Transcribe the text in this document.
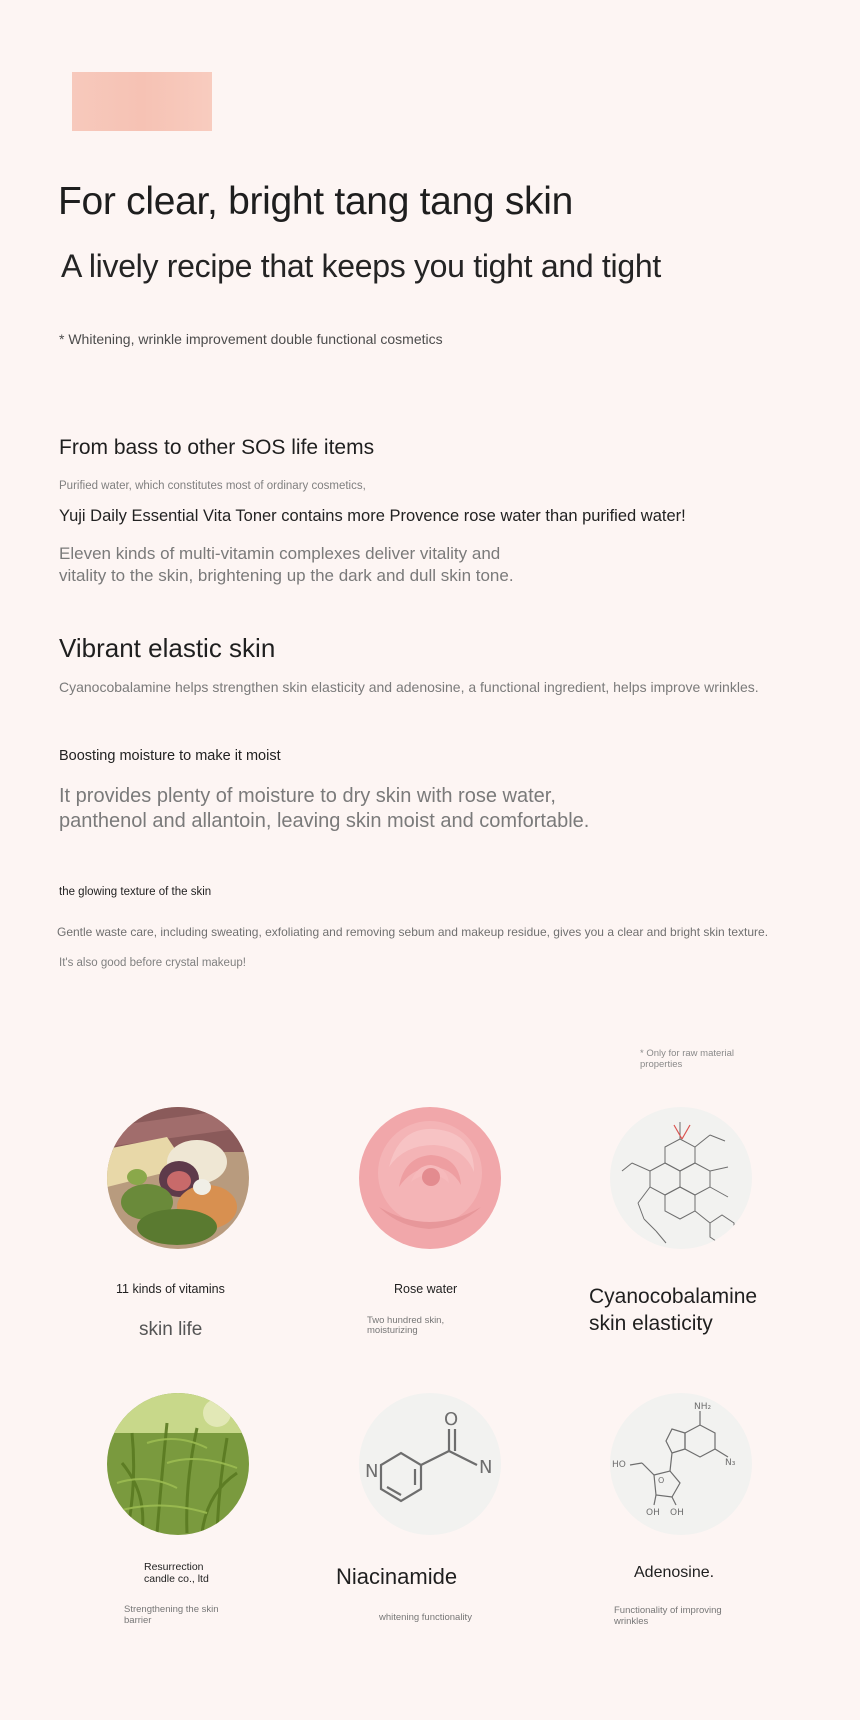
For clear, bright tang tang skin
A lively recipe that keeps you tight and tight
* Whitening, wrinkle improvement double functional cosmetics
From bass to other SOS life items
Purified water, which constitutes most of ordinary cosmetics,
Yuji Daily Essential Vita Toner contains more Provence rose water than purified water!
Eleven kinds of multi-vitamin complexes deliver vitality and
vitality to the skin, brightening up the dark and dull skin tone.
Vibrant elastic skin
Cyanocobalamine helps strengthen skin elasticity and adenosine, a functional ingredient, helps improve wrinkles.
Boosting moisture to make it moist
It provides plenty of moisture to dry skin with rose water,
panthenol and allantoin, leaving skin moist and comfortable.
the glowing texture of the skin
Gentle waste care, including sweating, exfoliating and removing sebum and makeup residue, gives you a clear and bright skin texture.
It's also good before crystal makeup!
* Only for raw material
properties
11 kinds of vitamins
skin life
Rose water
Two hundred skin,
moisturizing
Cyanocobalamine
skin elasticity
Resurrection
candle co., ltd
Strengthening the skin
barrier
N
O
N
Niacinamide
whitening functionality
NH₂
N₃
HO
OH OH
O
Adenosine.
Functionality of improving
wrinkles
